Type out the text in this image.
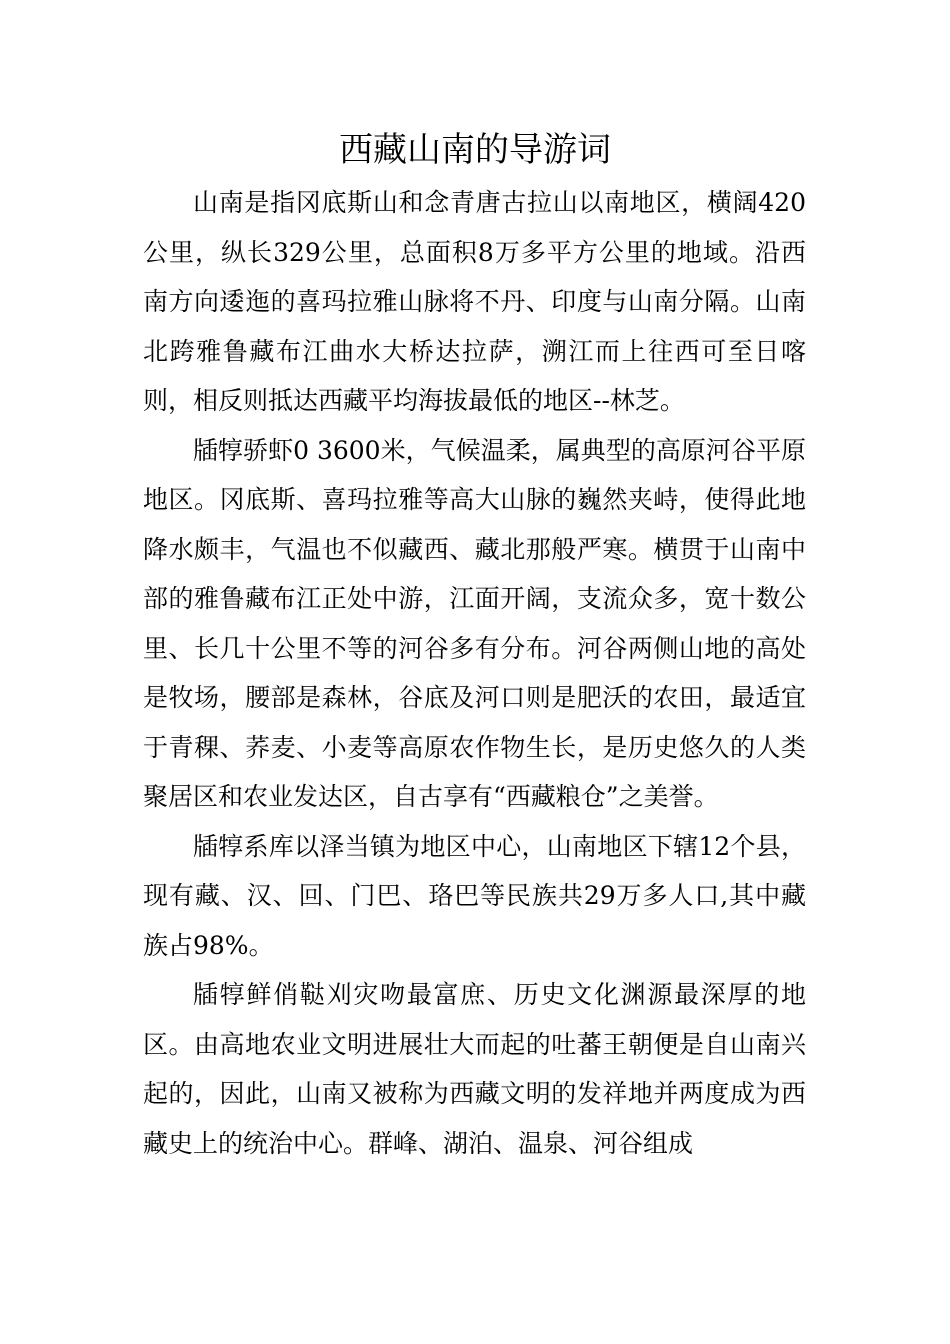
西藏山南的导游词

山南是指冈底斯山和念青唐古拉山以南地区，横阔420公里，纵长329公里，总面积8万多平方公里的地域。沿西南方向逶迤的喜玛拉雅山脉将不丹、印度与山南分隔。山南北跨雅鲁藏布江曲水大桥达拉萨，溯江而上往西可至日喀则，相反则抵达西藏平均海拔最低的地区--林芝。

牐犉骄虾0 3600米，气候温柔，属典型的高原河谷平原地区。冈底斯、喜玛拉雅等高大山脉的巍然夹峙，使得此地降水颇丰，气温也不似藏西、藏北那般严寒。横贯于山南中部的雅鲁藏布江正处中游，江面开阔，支流众多，宽十数公里、长几十公里不等的河谷多有分布。河谷两侧山地的高处是牧场，腰部是森林，谷底及河口则是肥沃的农田，最适宜于青稞、荞麦、小麦等高原农作物生长，是历史悠久的人类聚居区和农业发达区，自古享有“西藏粮仓”之美誉。

牐犉系库以泽当镇为地区中心，山南地区下辖12个县，现有藏、汉、回、门巴、珞巴等民族共29万多人口,其中藏族占98%。

牐犉鲜俏鞑刈灾吻最富庶、历史文化渊源最深厚的地区。由高地农业文明进展壮大而起的吐蕃王朝便是自山南兴起的，因此，山南又被称为西藏文明的发祥地并两度成为西藏史上的统治中心。群峰、湖泊、温泉、河谷组成
